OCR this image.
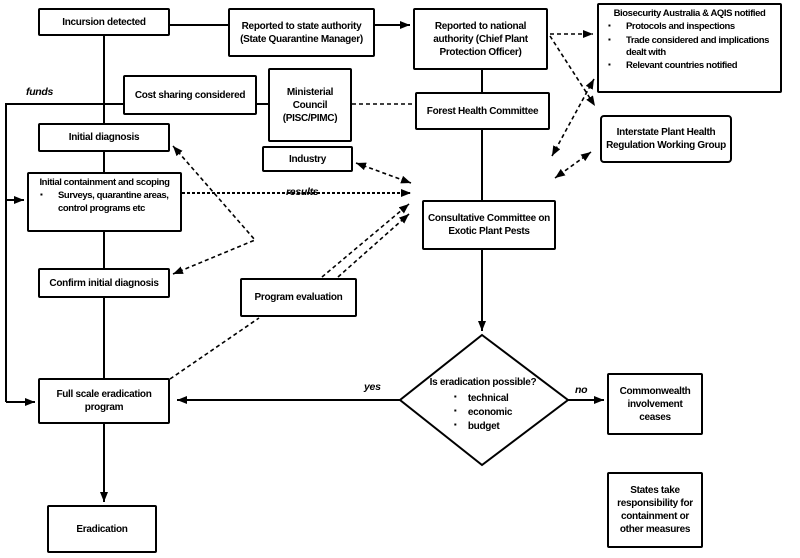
Incursion detected	Reported to state authority
(State Quarantine Manager)
Reported to national
authority (Chief Plant
Protection Officer)
Biosecurity Australia & AQIS notified
▪ Protocols and inspections
▪ Trade considered and implications
dealt with
▪ Relevant countries notified
Cost sharing considered	Ministerial
Council
(PISC/PIMC)
Forest Health Committee
Interstate Plant Health
Regulation Working Group
Initial diagnosis
Industry
Initial containment and scoping
▪ Surveys, quarantine areas,
control programs etc
Consultative Committee on
Exotic Plant Pests
Confirm initial diagnosis
Program evaluation
Full scale eradication
program
Commonwealth
involvement
ceases
States take
responsibility for
containment or
other measures
Eradication
Is eradication possible?
▪ technical
▪ economic
▪ budget
funds
results
yes	no
